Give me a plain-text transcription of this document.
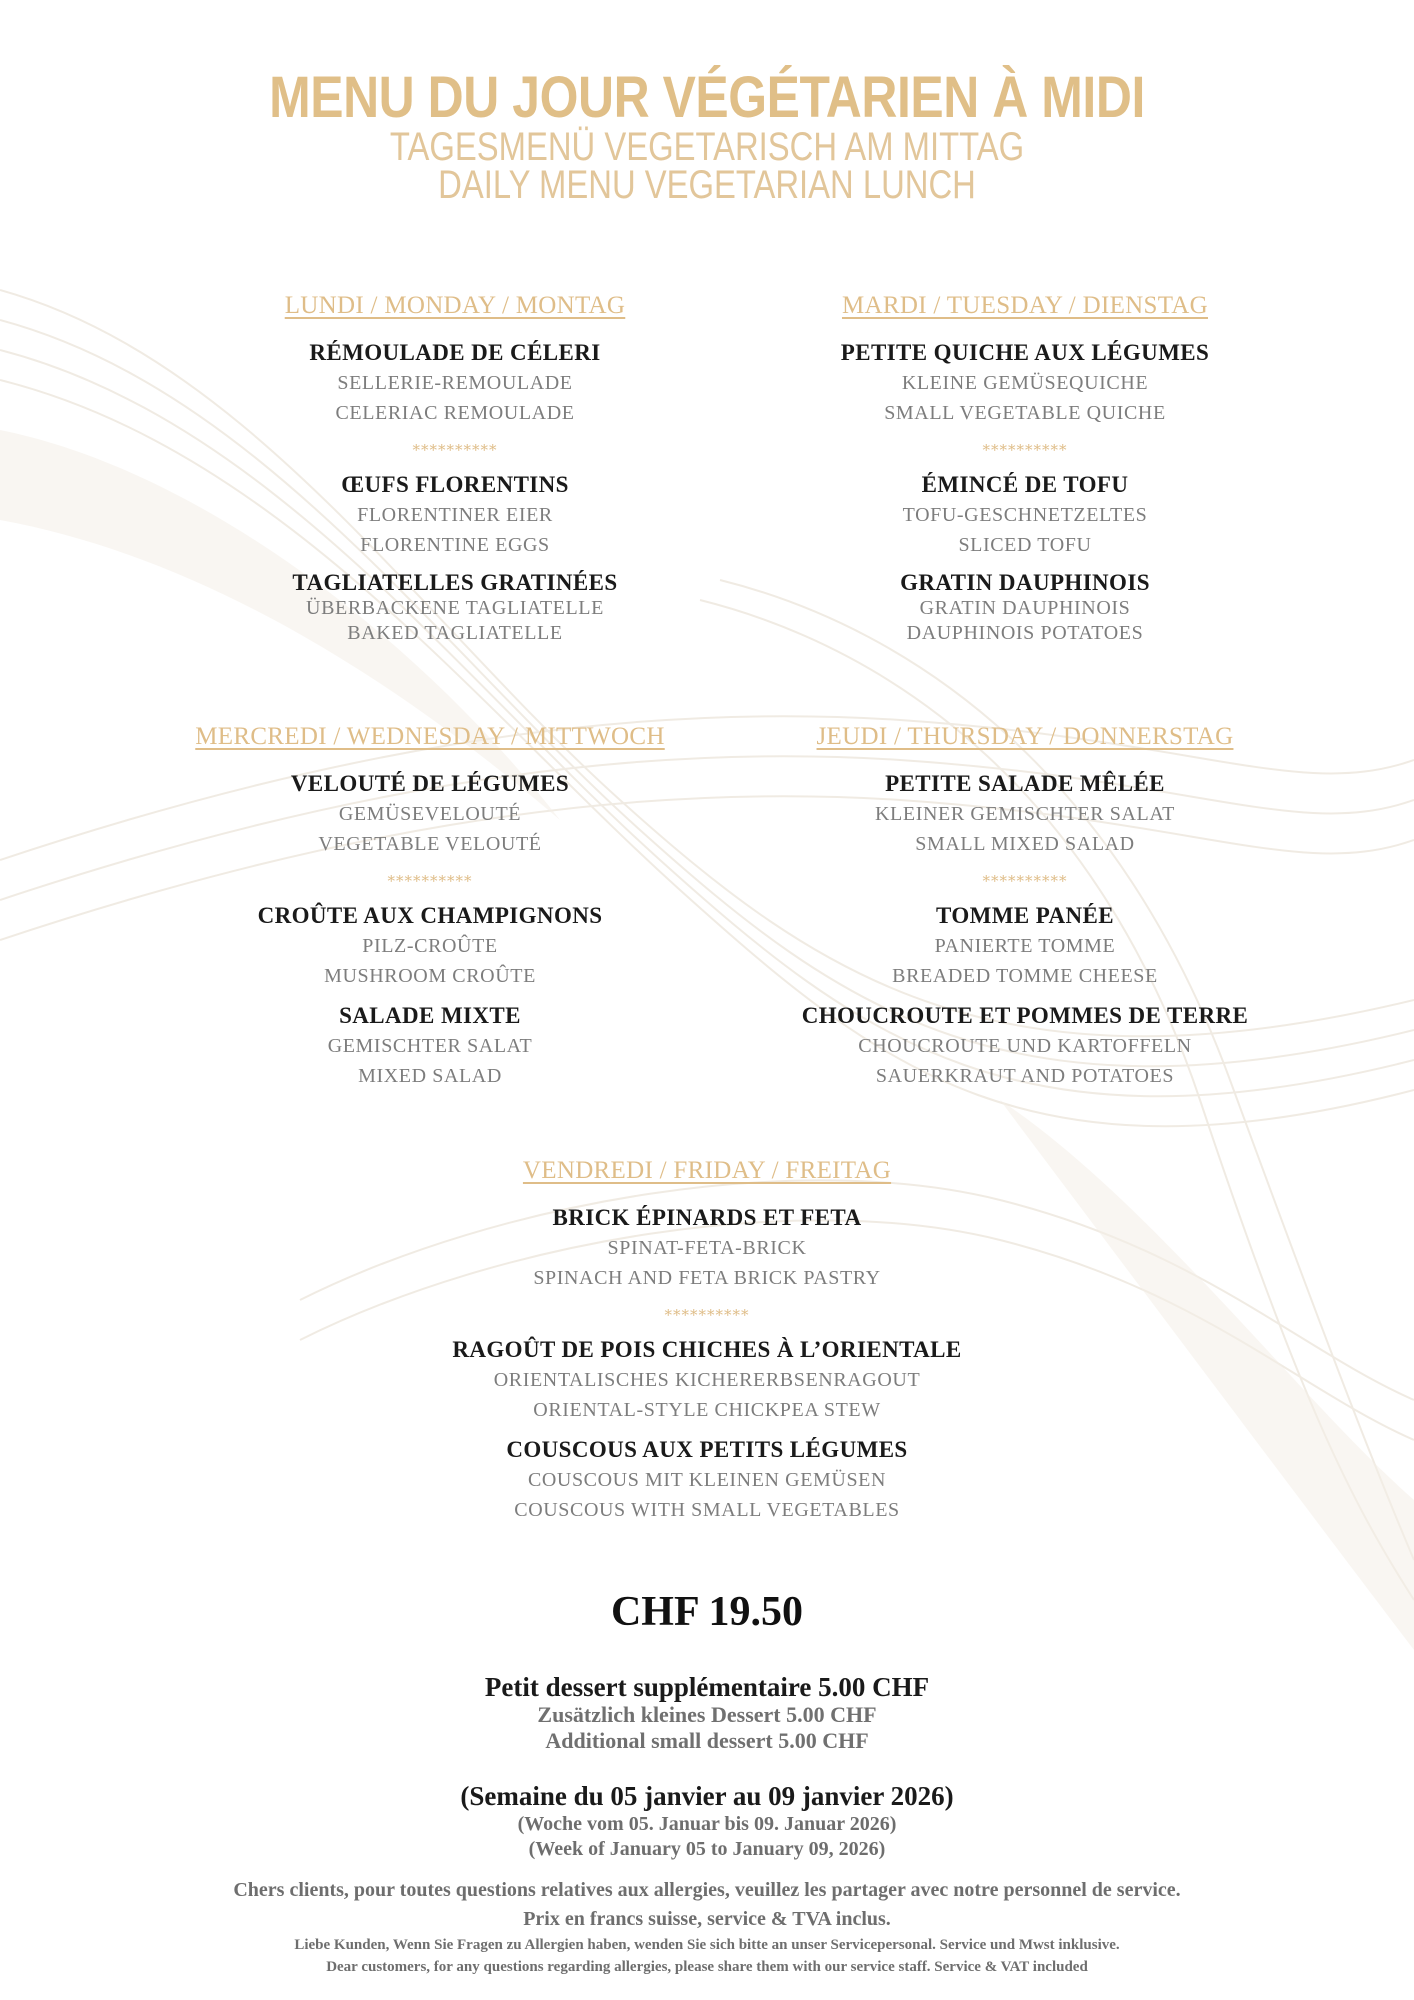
MENU DU JOUR VÉGÉTARIEN À MIDI
TAGESMENÜ VEGETARISCH AM MITTAG
DAILY MENU VEGETARIAN LUNCH
LUNDI / MONDAY / MONTAG
RÉMOULADE DE CÉLERI
SELLERIE-REMOULADE
CELERIAC REMOULADE
**********
ŒUFS FLORENTINS
FLORENTINER EIER
FLORENTINE EGGS
TAGLIATELLES GRATINÉES
ÜBERBACKENE TAGLIATELLE
BAKED TAGLIATELLE
MARDI / TUESDAY / DIENSTAG
PETITE QUICHE AUX LÉGUMES
KLEINE GEMÜSEQUICHE
SMALL VEGETABLE QUICHE
**********
ÉMINCÉ DE TOFU
TOFU-GESCHNETZELTES
SLICED TOFU
GRATIN DAUPHINOIS
GRATIN DAUPHINOIS
DAUPHINOIS POTATOES
MERCREDI / WEDNESDAY / MITTWOCH
VELOUTÉ DE LÉGUMES
GEMÜSEVELOUTÉ
VEGETABLE VELOUTÉ
**********
CROÛTE AUX CHAMPIGNONS
PILZ-CROÛTE
MUSHROOM CROÛTE
SALADE MIXTE
GEMISCHTER SALAT
MIXED SALAD
JEUDI / THURSDAY / DONNERSTAG
PETITE SALADE MÊLÉE
KLEINER GEMISCHTER SALAT
SMALL MIXED SALAD
**********
TOMME PANÉE
PANIERTE TOMME
BREADED TOMME CHEESE
CHOUCROUTE ET POMMES DE TERRE
CHOUCROUTE UND KARTOFFELN
SAUERKRAUT AND POTATOES
VENDREDI / FRIDAY / FREITAG
BRICK ÉPINARDS ET FETA
SPINAT-FETA-BRICK
SPINACH AND FETA BRICK PASTRY
**********
RAGOÛT DE POIS CHICHES À L’ORIENTALE
ORIENTALISCHES KICHERERBSENRAGOUT
ORIENTAL-STYLE CHICKPEA STEW
COUSCOUS AUX PETITS LÉGUMES
COUSCOUS MIT KLEINEN GEMÜSEN
COUSCOUS WITH SMALL VEGETABLES
CHF 19.50
Petit dessert supplémentaire 5.00 CHF
Zusätzlich kleines Dessert 5.00 CHF
Additional small dessert 5.00 CHF
(Semaine du 05 janvier au 09 janvier 2026)
(Woche vom 05. Januar bis 09. Januar 2026)
(Week of January 05 to January 09, 2026)
Chers clients, pour toutes questions relatives aux allergies, veuillez les partager avec notre personnel de service.
Prix en francs suisse, service & TVA inclus.
Liebe Kunden, Wenn Sie Fragen zu Allergien haben, wenden Sie sich bitte an unser Servicepersonal. Service und Mwst inklusive.
Dear customers, for any questions regarding allergies, please share them with our service staff. Service & VAT included
